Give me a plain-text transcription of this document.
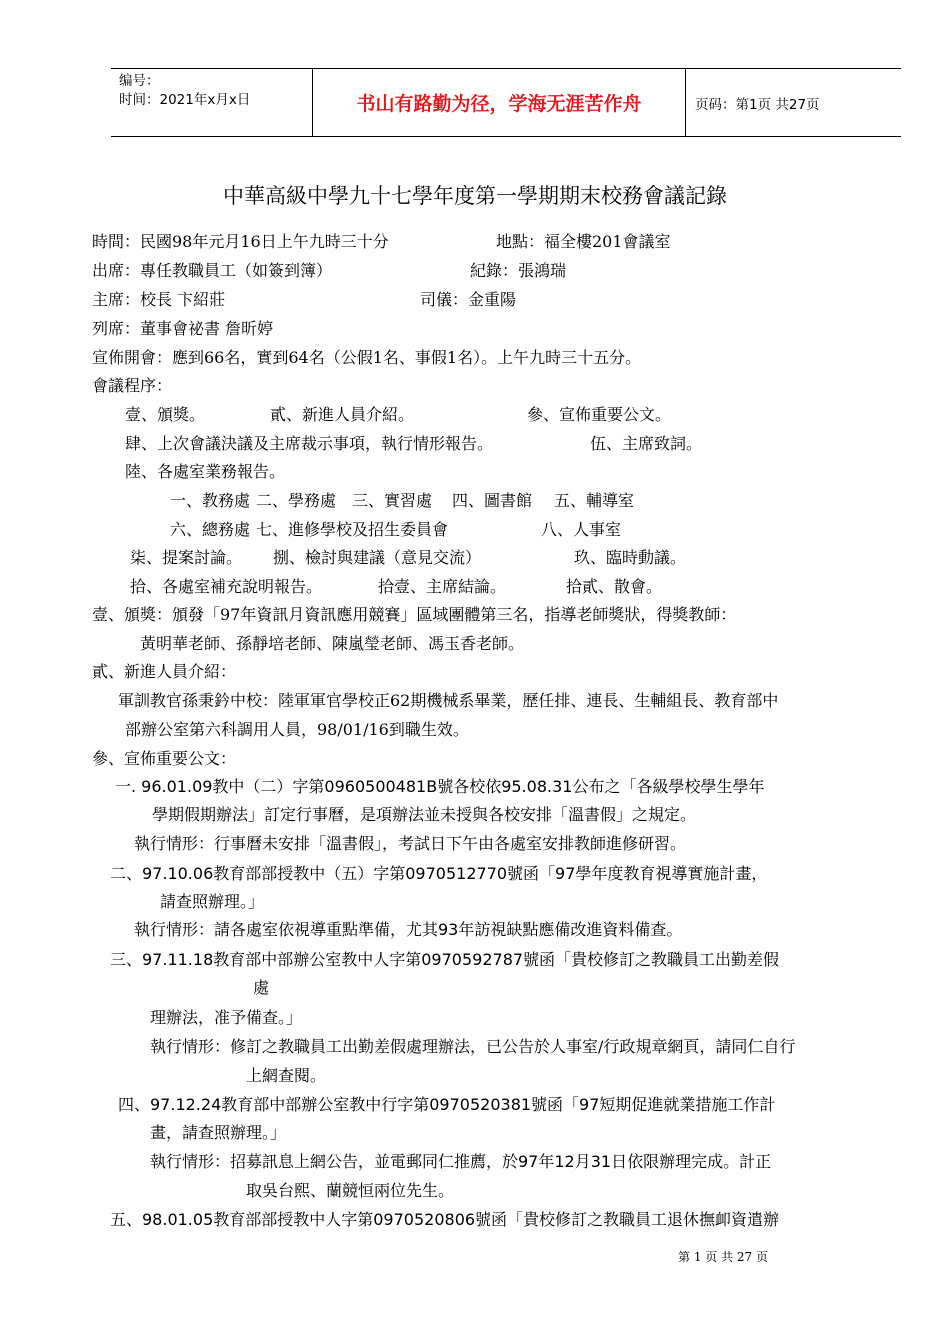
编号：
时间：2021年x月x日	书山有路勤为径，学海无涯苦作舟	页码：第1页 共27页
中華高級中學九十七學年度第一學期期末校務會議記錄
時間：民國98年元月16日上午九時三十分	地點：福全樓201會議室
出席：專任教職員工（如簽到簿）	紀錄：張鴻瑞
主席：校長 卞紹莊	司儀：金重陽
列席：董事會祕書 詹昕婷
宣佈開會：應到66名，實到64名（公假1名、事假1名）。上午九時三十五分。
會議程序：
壹、頒獎。	貳、新進人員介紹。	參、宣佈重要公文。
肆、上次會議決議及主席裁示事項，執行情形報告。	伍、主席致詞。
陸、各處室業務報告。
一、教務處 二、學務處 三、實習處 四、圖書館 五、輔導室
六、總務處 七、進修學校及招生委員會	八、人事室
柒、提案討論。 捌、檢討與建議（意見交流）	玖、臨時動議。
拾、各處室補充說明報告。	拾壹、主席結論。	拾貳、散會。
壹、頒獎：頒發「97年資訊月資訊應用競賽」區域團體第三名，指導老師獎狀，得獎教師：
黃明華老師、孫靜培老師、陳嵐瑩老師、馮玉香老師。
貳、新進人員介紹：
軍訓教官孫秉鈐中校：陸軍軍官學校正62期機械系畢業，歷任排、連長、生輔組長、教育部中
部辦公室第六科調用人員，98/01/16到職生效。
參、宣佈重要公文：
一. 96.01.09教中（二）字第0960500481B號各校依95.08.31公布之「各級學校學生學年
學期假期辦法」訂定行事曆，是項辦法並未授與各校安排「溫書假」之規定。
執行情形：行事曆未安排「溫書假」，考試日下午由各處室安排教師進修研習。
二、97.10.06教育部部授教中（五）字第0970512770號函「97學年度教育視導實施計畫，
請查照辦理。」
執行情形：請各處室依視導重點準備，尤其93年訪視缺點應備改進資料備查。
三、97.11.18教育部中部辦公室教中人字第0970592787號函「貴校修訂之教職員工出勤差假
處
理辦法，准予備查。」
執行情形：修訂之教職員工出勤差假處理辦法，已公告於人事室/行政規章網頁，請同仁自行
上網查閱。
四、97.12.24教育部中部辦公室教中行字第0970520381號函「97短期促進就業措施工作計
畫，請查照辦理。」
執行情形：招募訊息上網公告，並電郵同仁推薦，於97年12月31日依限辦理完成。計正
取吳台熙、蘭競恒兩位先生。
五、98.01.05教育部部授教中人字第0970520806號函「貴校修訂之教職員工退休撫卹資遣辦
第 1 页 共 27 页
